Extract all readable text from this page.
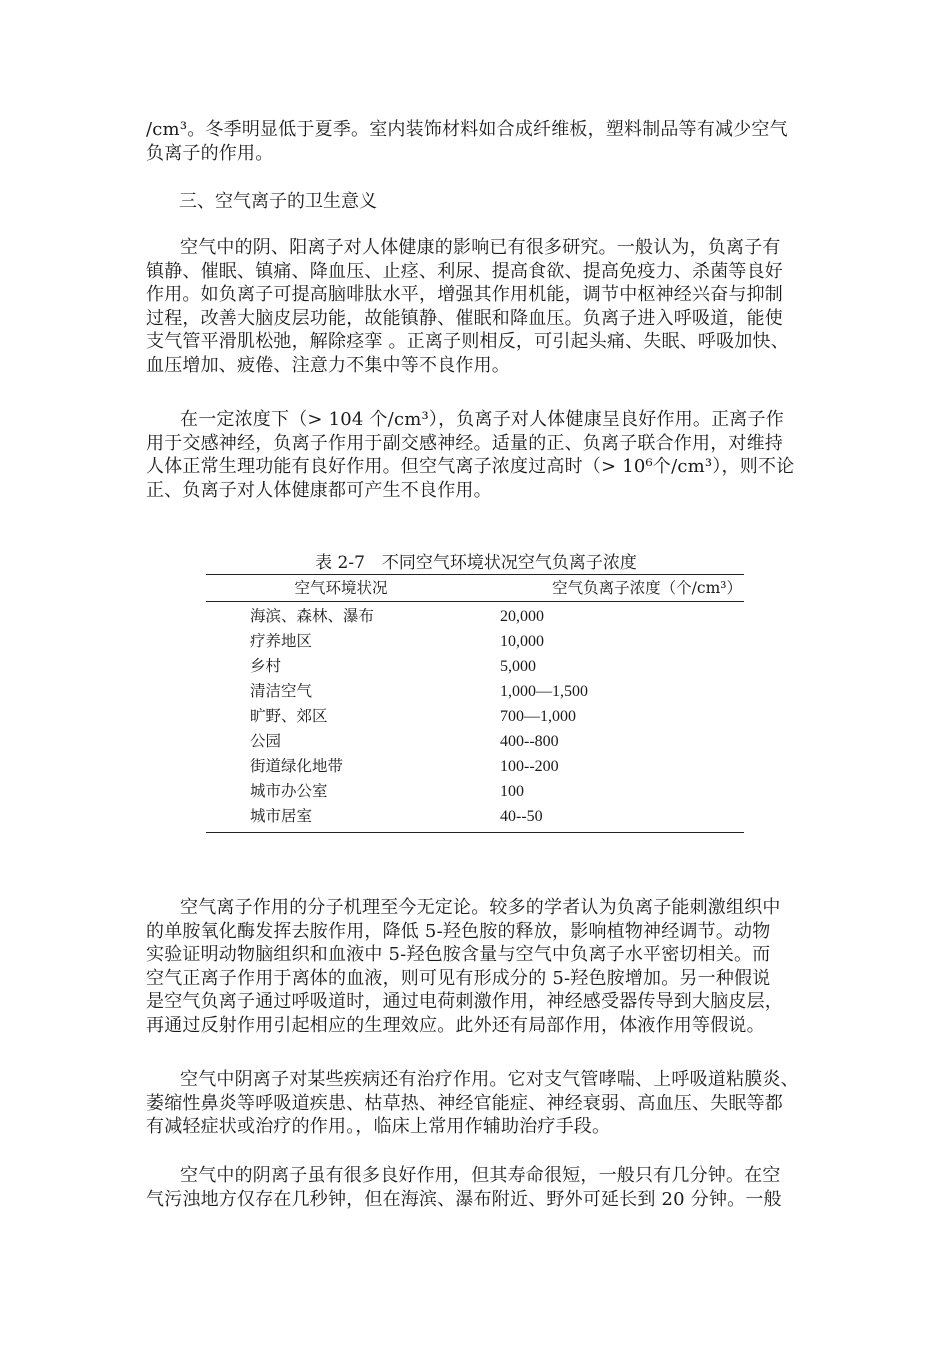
/cm³。冬季明显低于夏季。室内装饰材料如合成纤维板，塑料制品等有减少空气
负离子的作用。
三、空气离子的卫生意义
空气中的阴、阳离子对人体健康的影响已有很多研究。一般认为，负离子有
镇静、催眠、镇痛、降血压、止痉、利尿、提高食欲、提高免疫力、杀菌等良好
作用。如负离子可提高脑啡肽水平，增强其作用机能，调节中枢神经兴奋与抑制
过程，改善大脑皮层功能，故能镇静、催眠和降血压。负离子进入呼吸道，能使
支气管平滑肌松弛，解除痉挛 。正离子则相反，可引起头痛、失眠、呼吸加快、
血压增加、疲倦、注意力不集中等不良作用。
在一定浓度下（> 104 个/cm³），负离子对人体健康呈良好作用。正离子作
用于交感神经，负离子作用于副交感神经。适量的正、负离子联合作用，对维持
人体正常生理功能有良好作用。但空气离子浓度过高时（> 10⁶个/cm³），则不论
正、负离子对人体健康都可产生不良作用。
表 2-7　不同空气环境状况空气负离子浓度
空气环境状况	空气负离子浓度（个/cm³）
海滨、森林、瀑布	20,000
疗养地区	10,000
乡村	5,000
清洁空气	1,000—1,500
旷野、郊区	700—1,000
公园	400--800
街道绿化地带	100--200
城市办公室	100
城市居室	40--50
空气离子作用的分子机理至今无定论。较多的学者认为负离子能刺激组织中
的单胺氧化酶发挥去胺作用，降低 5-羟色胺的释放，影响植物神经调节。动物
实验证明动物脑组织和血液中 5-羟色胺含量与空气中负离子水平密切相关。而
空气正离子作用于离体的血液，则可见有形成分的 5-羟色胺增加。另一种假说
是空气负离子通过呼吸道时，通过电荷刺激作用，神经感受器传导到大脑皮层，
再通过反射作用引起相应的生理效应。此外还有局部作用，体液作用等假说。
空气中阴离子对某些疾病还有治疗作用。它对支气管哮喘、上呼吸道粘膜炎、
萎缩性鼻炎等呼吸道疾患、枯草热、神经官能症、神经衰弱、高血压、失眠等都
有减轻症状或治疗的作用。，临床上常用作辅助治疗手段。
空气中的阴离子虽有很多良好作用，但其寿命很短，一般只有几分钟。在空
气污浊地方仅存在几秒钟，但在海滨、瀑布附近、野外可延长到 20 分钟。一般
